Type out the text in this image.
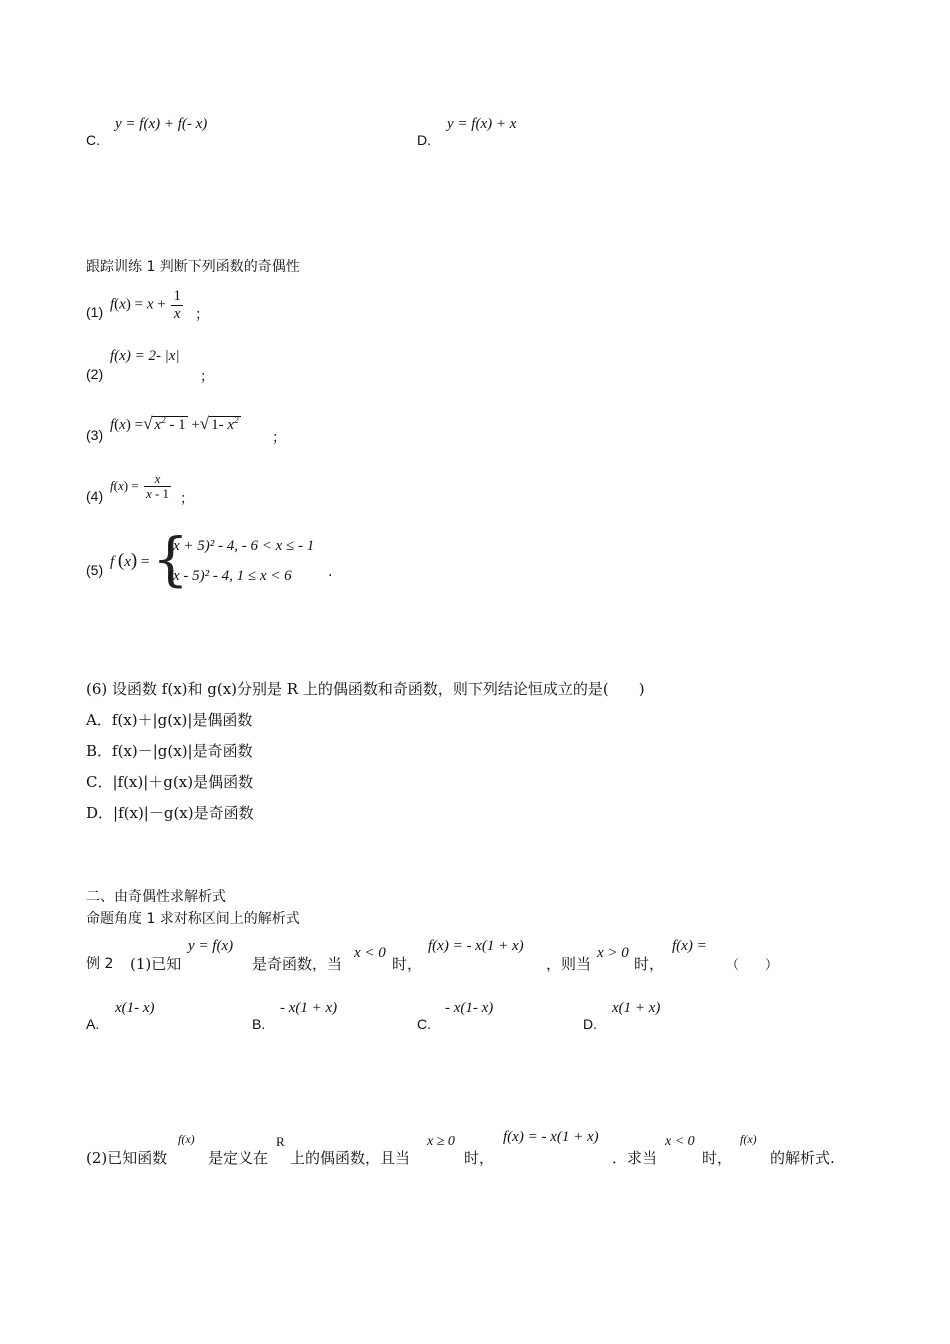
C.
y = f(x) + f(- x)
D.
y = f(x) + x
跟踪训练 1 判断下列函数的奇偶性
(1) $f(x) = x + \frac{1}{x}$ ；
(2)
f(x) = 2- |x|
；
(3)
f(x) =√ $x^2 - 1$ +√ 1- $x^2$
；
(4)
$f(x) = \frac{x}{x - 1}$ ；
(5) f (x) = {
(x + 5)² - 4, - 6 < x ≤ - 1
(x - 5)² - 4, 1 ≤ x < 6	.
(6) 设函数 f(x)和 g(x)分别是 R 上的偶函数和奇函数，则下列结论恒成立的是(　　)
A．f(x)＋|g(x)|是偶函数
B．f(x)－|g(x)|是奇函数
C．|f(x)|＋g(x)是偶函数
D．|f(x)|－g(x)是奇函数
二、由奇偶性求解析式
命题角度 1 求对称区间上的解析式
例 2 (1)已知
y = f(x)
是奇函数，当
x < 0
时，
f(x) = - x(1 + x)
，则当
x > 0
时，
f(x) =
（　　）
A.
x(1- x)
B.
- x(1 + x)
C.
- x(1- x)
D.
x(1 + x)
(2)已知函数
f(x)
是定义在
R
上的偶函数，且当
x ≥ 0
时，
f(x) = - x(1 + x)
．求当
x < 0
时，
f(x)
的解析式.
